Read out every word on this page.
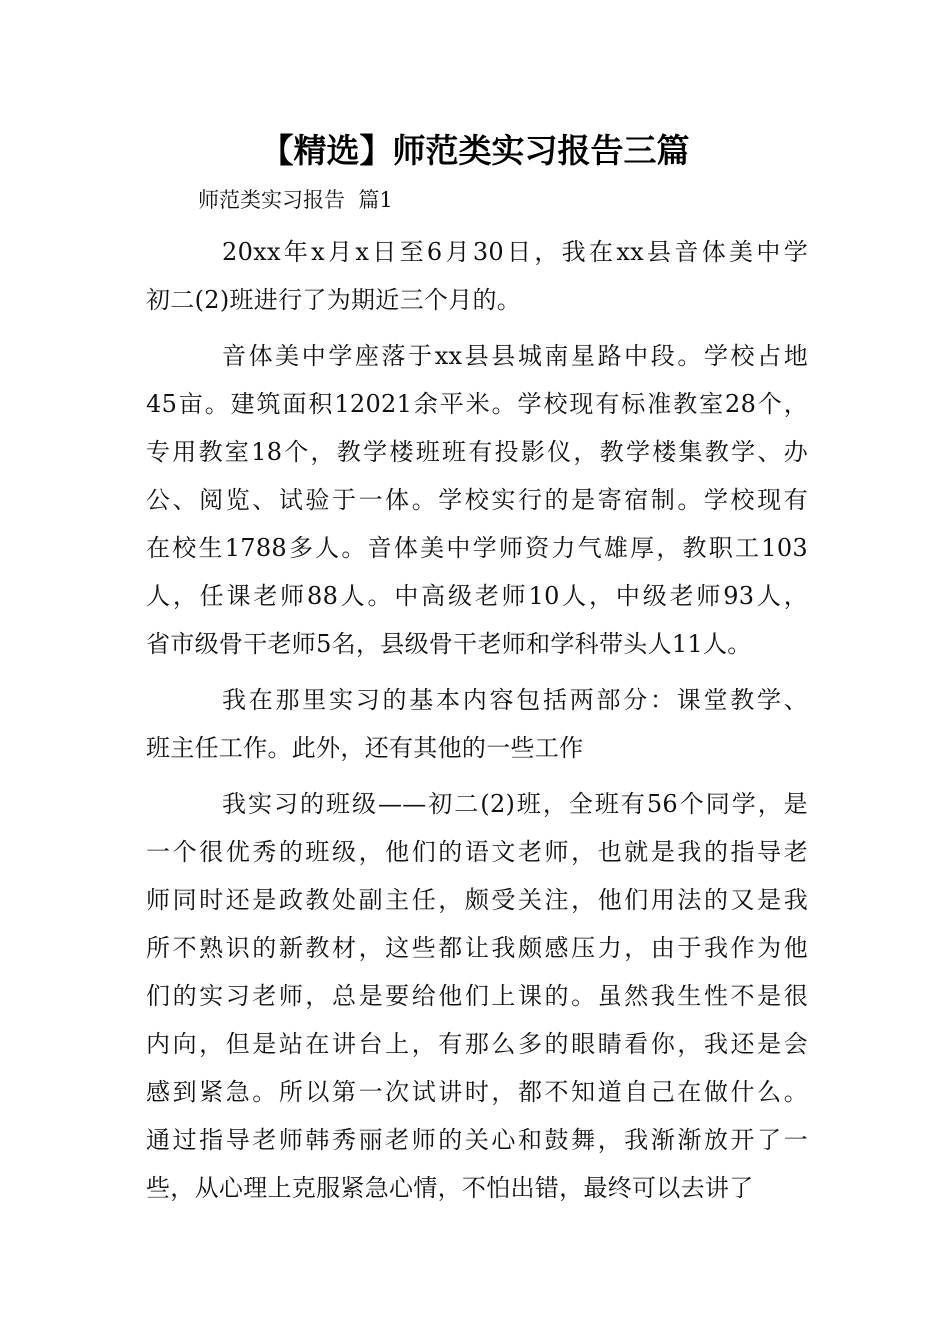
【精选】师范类实习报告三篇

师范类实习报告  篇1

20xx年x月x日至6月30日，我在xx县音体美中学
初二(2)班进行了为期近三个月的。
音体美中学座落于xx县县城南星路中段。学校占地
45亩。建筑面积12021余平米。学校现有标准教室28个，
专用教室18个，教学楼班班有投影仪，教学楼集教学、办
公、阅览、试验于一体。学校实行的是寄宿制。学校现有
在校生1788多人。音体美中学师资力气雄厚，教职工103
人，任课老师88人。中高级老师10人，中级老师93人，
省市级骨干老师5名，县级骨干老师和学科带头人11人。
我在那里实习的基本内容包括两部分：课堂教学、
班主任工作。此外，还有其他的一些工作
我实习的班级——初二(2)班，全班有56个同学，是
一个很优秀的班级，他们的语文老师，也就是我的指导老
师同时还是政教处副主任，颇受关注，他们用法的又是我
所不熟识的新教材，这些都让我颇感压力，由于我作为他
们的实习老师，总是要给他们上课的。虽然我生性不是很
内向，但是站在讲台上，有那么多的眼睛看你，我还是会
感到紧急。所以第一次试讲时，都不知道自己在做什么。
通过指导老师韩秀丽老师的关心和鼓舞，我渐渐放开了一
些，从心理上克服紧急心情，不怕出错，最终可以去讲了
